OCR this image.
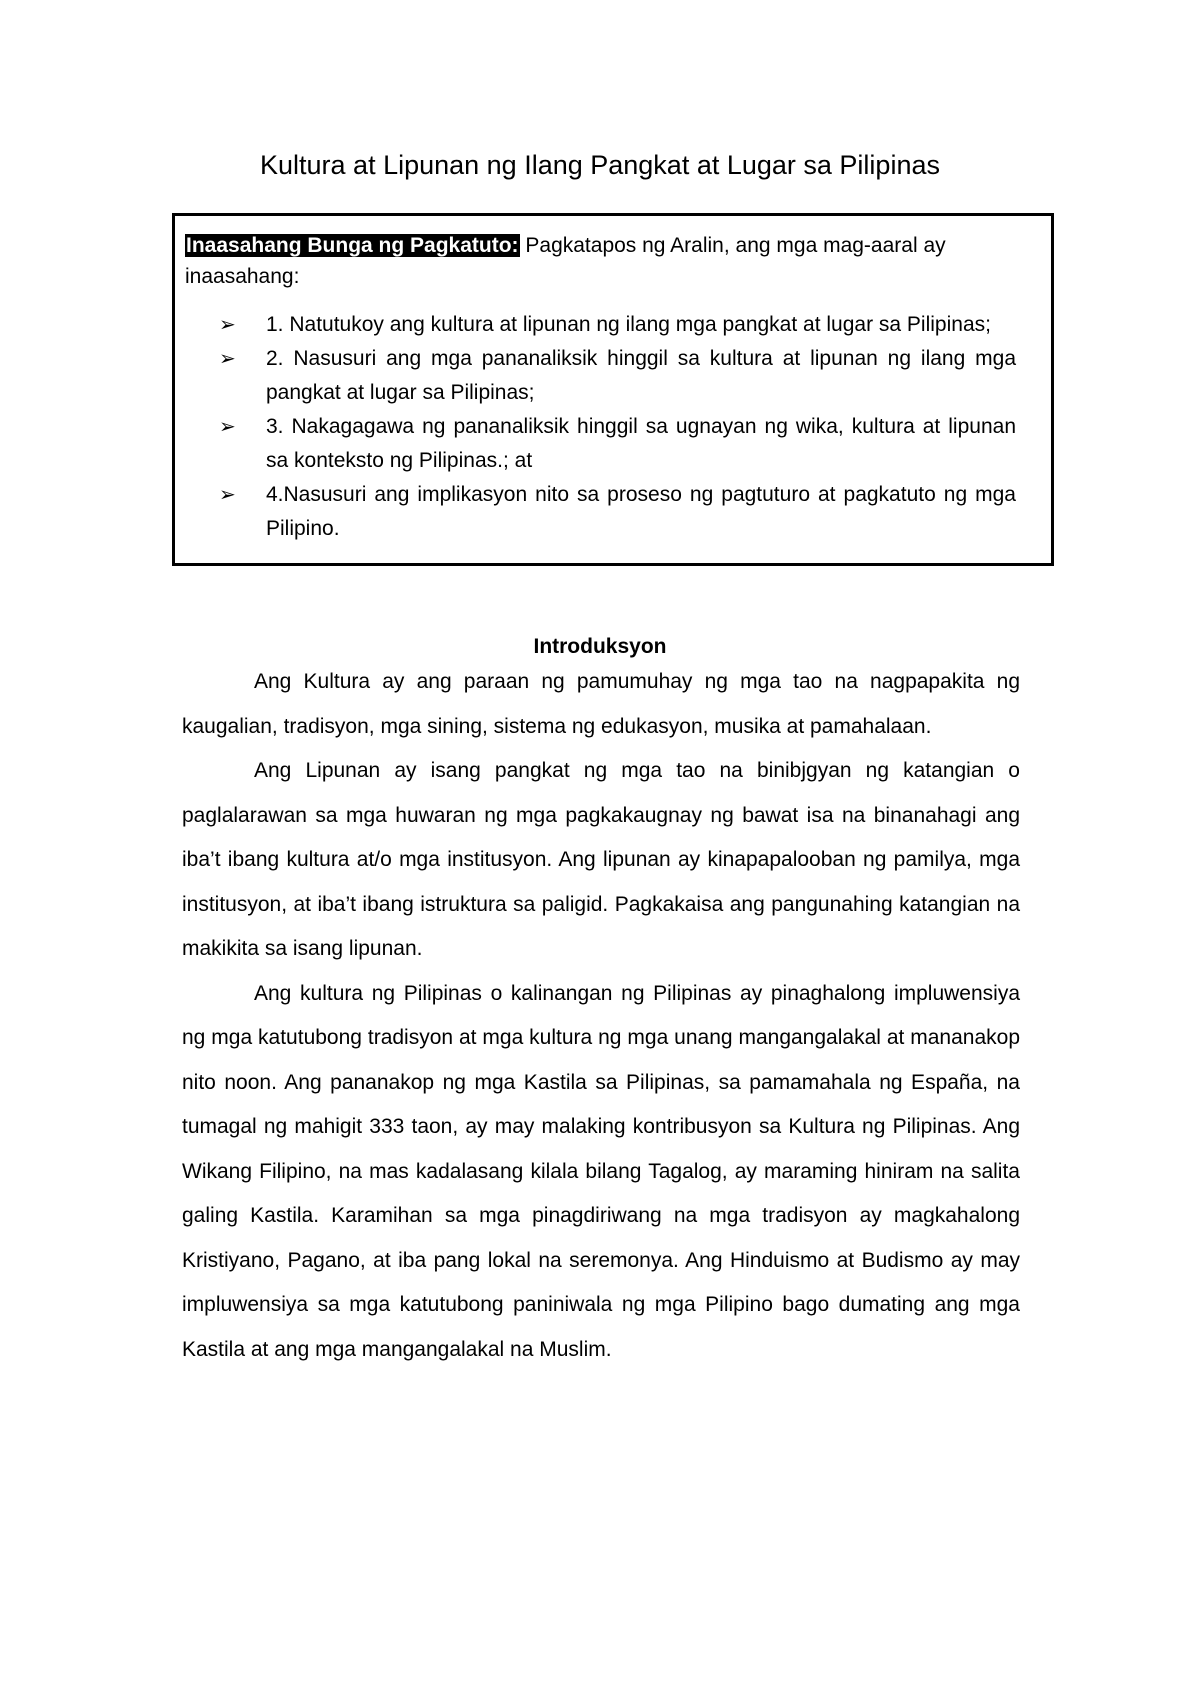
Kultura at Lipunan ng Ilang Pangkat at Lugar sa Pilipinas

Inaasahang Bunga ng Pagkatuto: Pagkatapos ng Aralin, ang mga mag-aaral ay inaasahang:

➢ 1. Natutukoy ang kultura at lipunan ng ilang mga pangkat at lugar sa Pilipinas;
➢ 2. Nasusuri ang mga pananaliksik hinggil sa kultura at lipunan ng ilang mga pangkat at lugar sa Pilipinas;
➢ 3. Nakagagawa ng pananaliksik hinggil sa ugnayan ng wika, kultura at lipunan sa konteksto ng Pilipinas.; at
➢ 4.Nasusuri ang implikasyon nito sa proseso ng pagtuturo at pagkatuto ng mga Pilipino.
Introduksyon

Ang Kultura ay ang paraan ng pamumuhay ng mga tao na nagpapakita ng kaugalian, tradisyon, mga sining, sistema ng edukasyon, musika at pamahalaan.

Ang Lipunan ay isang pangkat ng mga tao na binibjgyan ng katangian o paglalarawan sa mga huwaran ng mga pagkakaugnay ng bawat isa na binanahagi ang iba’t ibang kultura at/o mga institusyon. Ang lipunan ay kinapapalooban ng pamilya, mga institusyon, at iba’t ibang istruktura sa paligid. Pagkakaisa ang pangunahing katangian na makikita sa isang lipunan.

Ang kultura ng Pilipinas o kalinangan ng Pilipinas ay pinaghalong impluwensiya ng mga katutubong tradisyon at mga kultura ng mga unang mangangalakal at mananakop nito noon. Ang pananakop ng mga Kastila sa Pilipinas, sa pamamahala ng España, na tumagal ng mahigit 333 taon, ay may malaking kontribusyon sa Kultura ng Pilipinas. Ang Wikang Filipino, na mas kadalasang kilala bilang Tagalog, ay maraming hiniram na salita galing Kastila. Karamihan sa mga pinagdiriwang na mga tradisyon ay magkahalong Kristiyano, Pagano, at iba pang lokal na seremonya. Ang Hinduismo at Budismo ay may impluwensiya sa mga katutubong paniniwala ng mga Pilipino bago dumating ang mga Kastila at ang mga mangangalakal na Muslim.
